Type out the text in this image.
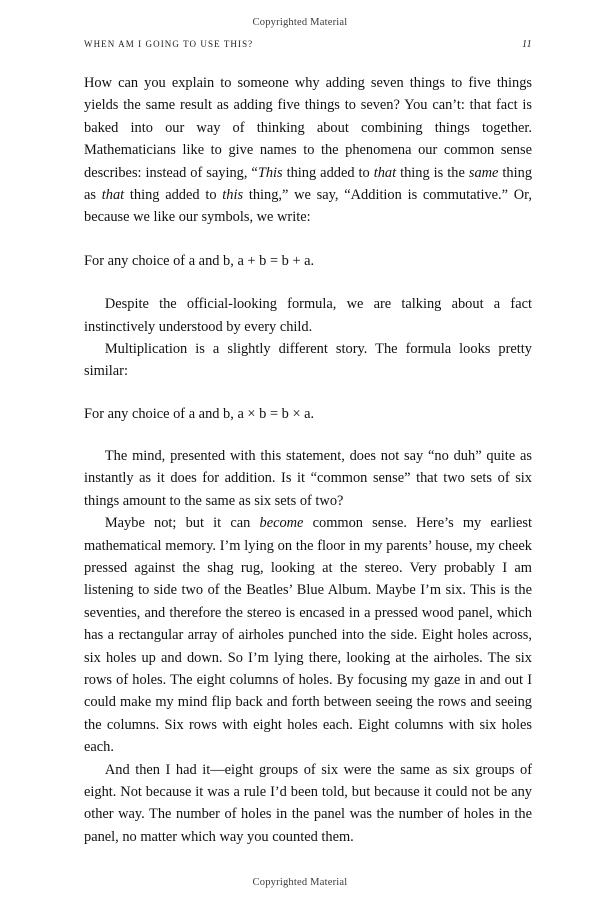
Copyrighted Material
WHEN AM I GOING TO USE THIS?	11

How can you explain to someone why adding seven things to five things yields the same result as adding five things to seven? You can’t: that fact is baked into our way of thinking about combining things together. Mathematicians like to give names to the phenomena our common sense describes: instead of saying, “This thing added to that thing is the same thing as that thing added to this thing,” we say, “Addition is commutative.” Or, because we like our symbols, we write:

For any choice of a and b, a + b = b + a.

Despite the official-looking formula, we are talking about a fact instinctively understood by every child.

Multiplication is a slightly different story. The formula looks pretty similar:

For any choice of a and b, a × b = b × a.

The mind, presented with this statement, does not say “no duh” quite as instantly as it does for addition. Is it “common sense” that two sets of six things amount to the same as six sets of two?

Maybe not; but it can become common sense. Here’s my earliest mathematical memory. I’m lying on the floor in my parents’ house, my cheek pressed against the shag rug, looking at the stereo. Very probably I am listening to side two of the Beatles’ Blue Album. Maybe I’m six. This is the seventies, and therefore the stereo is encased in a pressed wood panel, which has a rectangular array of airholes punched into the side. Eight holes across, six holes up and down. So I’m lying there, looking at the airholes. The six rows of holes. The eight columns of holes. By focusing my gaze in and out I could make my mind flip back and forth between seeing the rows and seeing the columns. Six rows with eight holes each. Eight columns with six holes each.

And then I had it—eight groups of six were the same as six groups of eight. Not because it was a rule I’d been told, but because it could not be any other way. The number of holes in the panel was the number of holes in the panel, no matter which way you counted them.

Copyrighted Material
